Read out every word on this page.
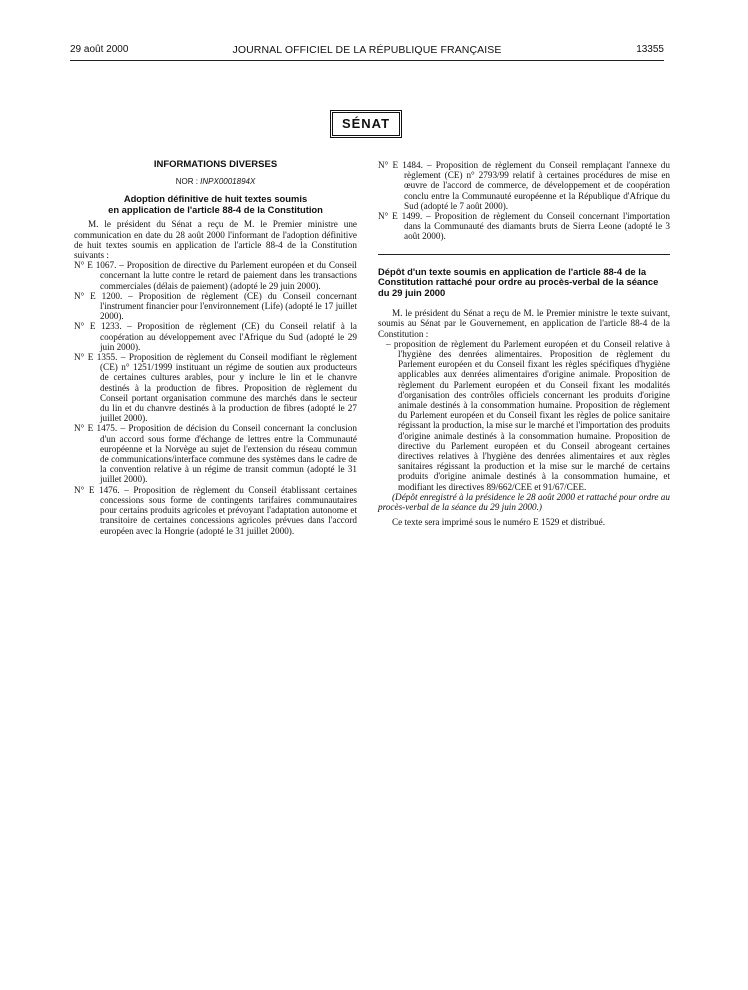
29 août 2000	JOURNAL OFFICIEL DE LA RÉPUBLIQUE FRANÇAISE	13355
SÉNAT
INFORMATIONS DIVERSES
NOR : INPX0001894X
Adoption définitive de huit textes soumis
en application de l'article 88-4 de la Constitution

M. le président du Sénat a reçu de M. le Premier ministre une communication en date du 28 août 2000 l'informant de l'adoption définitive de huit textes soumis en application de l'article 88-4 de la Constitution suivants :

N° E 1067. – Proposition de directive du Parlement européen et du Conseil concernant la lutte contre le retard de paiement dans les transactions commerciales (délais de paiement) (adopté le 29 juin 2000).

N° E 1200. – Proposition de règlement (CE) du Conseil concernant l'instrument financier pour l'environnement (Life) (adopté le 17 juillet 2000).

N° E 1233. – Proposition de règlement (CE) du Conseil relatif à la coopération au développement avec l'Afrique du Sud (adopté le 29 juin 2000).

N° E 1355. – Proposition de règlement du Conseil modifiant le règlement (CE) n° 1251/1999 instituant un régime de soutien aux producteurs de certaines cultures arables, pour y inclure le lin et le chanvre destinés à la production de fibres. Proposition de règlement du Conseil portant organisation commune des marchés dans le secteur du lin et du chanvre destinés à la production de fibres (adopté le 27 juillet 2000).

N° E 1475. – Proposition de décision du Conseil concernant la conclusion d'un accord sous forme d'échange de lettres entre la Communauté européenne et la Norvège au sujet de l'extension du réseau commun de communications/interface commune des systèmes dans le cadre de la convention relative à un régime de transit commun (adopté le 31 juillet 2000).

N° E 1476. – Proposition de règlement du Conseil établissant certaines concessions sous forme de contingents tarifaires communautaires pour certains produits agricoles et prévoyant l'adaptation autonome et transitoire de certaines concessions agricoles prévues dans l'accord européen avec la Hongrie (adopté le 31 juillet 2000).

N° E 1484. – Proposition de règlement du Conseil remplaçant l'annexe du règlement (CE) n° 2793/99 relatif à certaines procédures de mise en œuvre de l'accord de commerce, de développement et de coopération conclu entre la Communauté européenne et la République d'Afrique du Sud (adopté le 7 août 2000).

N° E 1499. – Proposition de règlement du Conseil concernant l'importation dans la Communauté des diamants bruts de Sierra Leone (adopté le 3 août 2000).

Dépôt d'un texte soumis en application de l'article 88-4 de la Constitution rattaché pour ordre au procès-verbal de la séance du 29 juin 2000

M. le président du Sénat a reçu de M. le Premier ministre le texte suivant, soumis au Sénat par le Gouvernement, en application de l'article 88-4 de la Constitution :

– proposition de règlement du Parlement européen et du Conseil relative à l'hygiène des denrées alimentaires. Proposition de règlement du Parlement européen et du Conseil fixant les règles spécifiques d'hygiène applicables aux denrées alimentaires d'origine animale. Proposition de règlement du Parlement européen et du Conseil fixant les modalités d'organisation des contrôles officiels concernant les produits d'origine animale destinés à la consommation humaine. Proposition de règlement du Parlement européen et du Conseil fixant les règles de police sanitaire régissant la production, la mise sur le marché et l'importation des produits d'origine animale destinés à la consommation humaine. Proposition de directive du Parlement européen et du Conseil abrogeant certaines directives relatives à l'hygiène des denrées alimentaires et aux règles sanitaires régissant la production et la mise sur le marché de certains produits d'origine animale destinés à la consommation humaine, et modifiant les directives 89/662/CEE et 91/67/CEE.

(Dépôt enregistré à la présidence le 28 août 2000 et rattaché pour ordre au procès-verbal de la séance du 29 juin 2000.)

Ce texte sera imprimé sous le numéro E 1529 et distribué.
